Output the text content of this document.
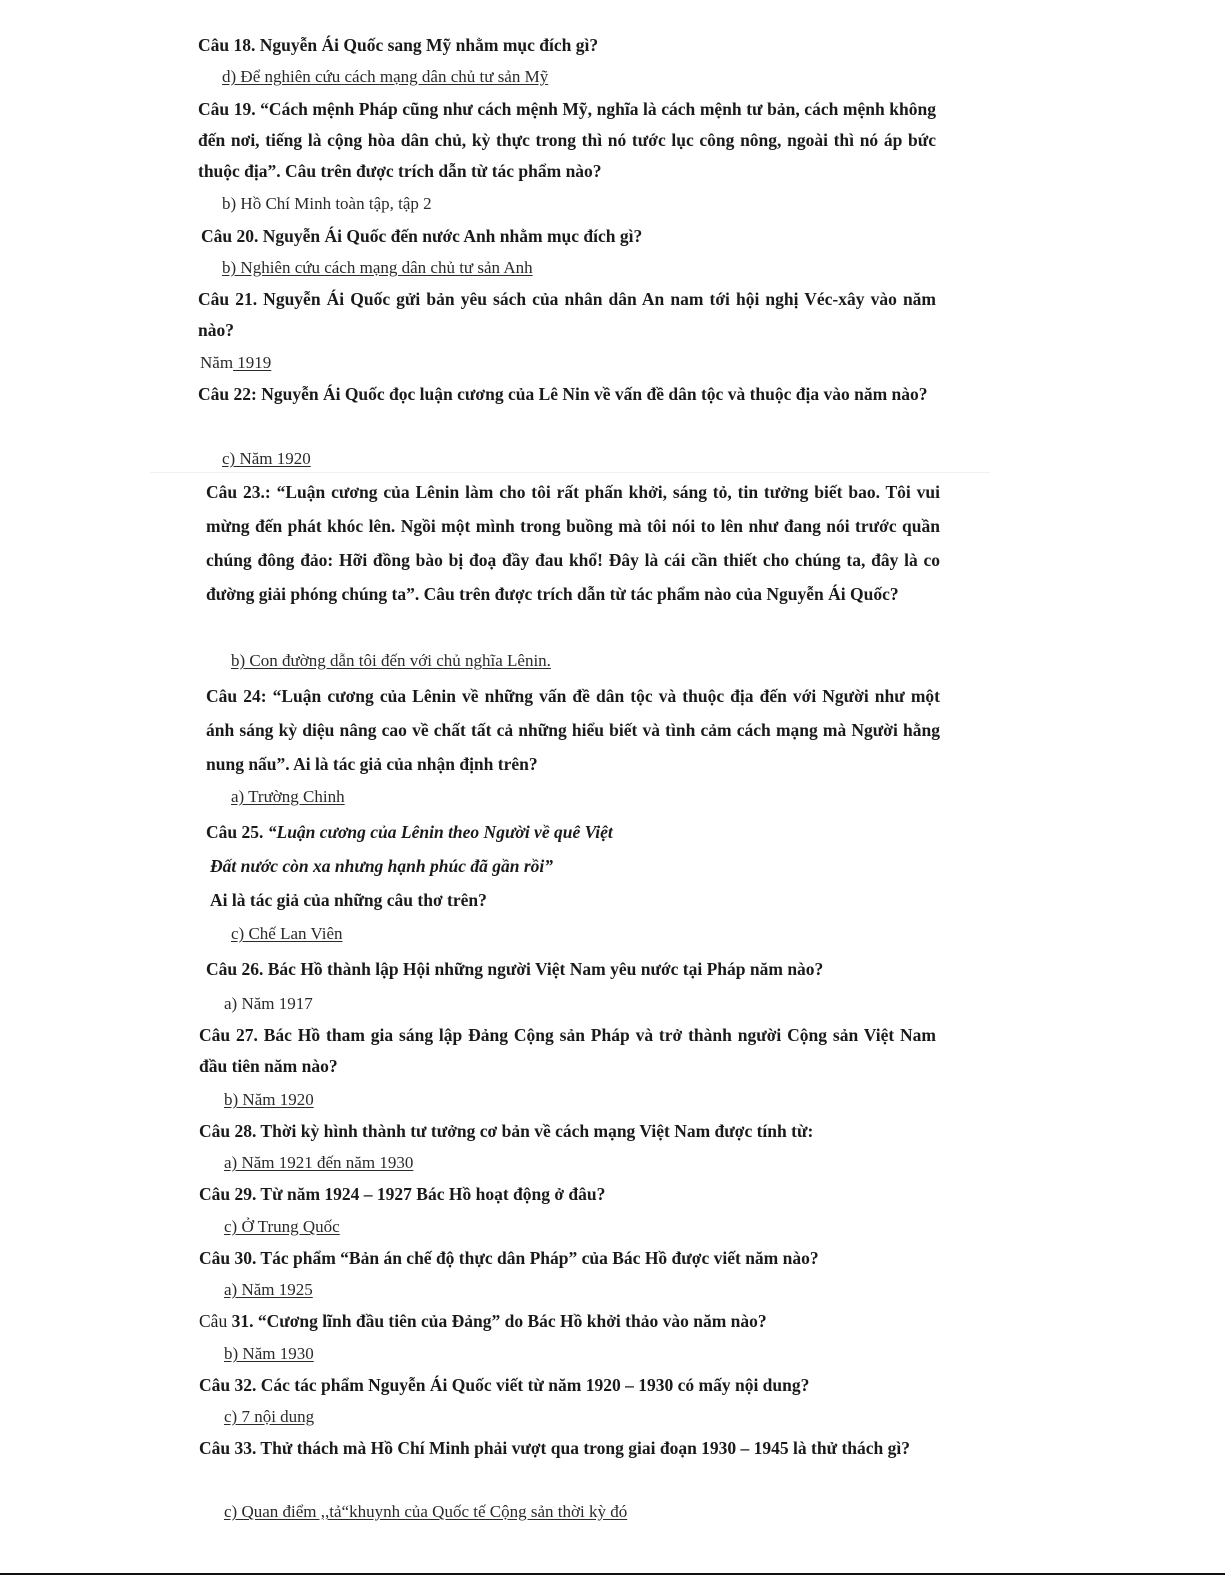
Câu 18. Nguyễn Ái Quốc sang Mỹ nhằm mục đích gì?
d) Để nghiên cứu cách mạng dân chủ tư sản Mỹ
Câu 19. “Cách mệnh Pháp cũng như cách mệnh Mỹ, nghĩa là cách mệnh tư bản, cách mệnh không đến nơi, tiếng là cộng hòa dân chủ, kỳ thực trong thì nó tước lục công nông, ngoài thì nó áp bức thuộc địa”. Câu trên được trích dẫn từ tác phẩm nào?
b) Hồ Chí Minh toàn tập, tập 2
Câu 20. Nguyễn Ái Quốc đến nước Anh nhằm mục đích gì?
b) Nghiên cứu cách mạng dân chủ tư sản Anh
Câu 21. Nguyễn Ái Quốc gửi bản yêu sách của nhân dân An nam tới hội nghị Véc-xây vào năm nào?
Năm 1919
Câu 22: Nguyễn Ái Quốc đọc luận cương của Lê Nin về vấn đề dân tộc và thuộc địa vào năm nào?
c) Năm 1920
Câu 23.: “Luận cương của Lênin làm cho tôi rất phấn khởi, sáng tỏ, tin tưởng biết bao. Tôi vui mừng đến phát khóc lên. Ngồi một mình trong buồng mà tôi nói to lên như đang nói trước quần chúng đông đảo: Hỡi đồng bào bị đoạ đầy đau khổ! Đây là cái cần thiết cho chúng ta, đây là co đường giải phóng chúng ta”. Câu trên được trích dẫn từ tác phẩm nào của Nguyễn Ái Quốc?
b) Con đường dẫn tôi đến với chủ nghĩa Lênin.
Câu 24: “Luận cương của Lênin về những vấn đề dân tộc và thuộc địa đến với Người như một ánh sáng kỳ diệu nâng cao về chất tất cả những hiểu biết và tình cảm cách mạng mà Người hằng nung nấu”. Ai là tác giả của nhận định trên?
a) Trường Chinh
Câu 25. “Luận cương của Lênin theo Người về quê Việt
Đất nước còn xa nhưng hạnh phúc đã gần rồi”
Ai là tác giả của những câu thơ trên?
c) Chế Lan Viên
Câu 26. Bác Hồ thành lập Hội những người Việt Nam yêu nước tại Pháp năm nào?
a) Năm 1917
Câu 27. Bác Hồ tham gia sáng lập Đảng Cộng sản Pháp và trở thành người Cộng sản Việt Nam đầu tiên năm nào?
b) Năm 1920
Câu 28. Thời kỳ hình thành tư tưởng cơ bản về cách mạng Việt Nam được tính từ:
a) Năm 1921 đến năm 1930
Câu 29. Từ năm 1924 – 1927 Bác Hồ hoạt động ở đâu?
c) Ở Trung Quốc
Câu 30. Tác phẩm “Bản án chế độ thực dân Pháp” của Bác Hồ được viết năm nào?
a) Năm 1925
Câu 31. “Cương lĩnh đầu tiên của Đảng” do Bác Hồ khởi thảo vào năm nào?
b) Năm 1930
Câu 32. Các tác phẩm Nguyễn Ái Quốc viết từ năm 1920 – 1930 có mấy nội dung?
c) 7 nội dung
Câu 33. Thử thách mà Hồ Chí Minh phải vượt qua trong giai đoạn 1930 – 1945 là thử thách gì?
c) Quan điểm ,,tả“khuynh của Quốc tế Cộng sản thời kỳ đó
